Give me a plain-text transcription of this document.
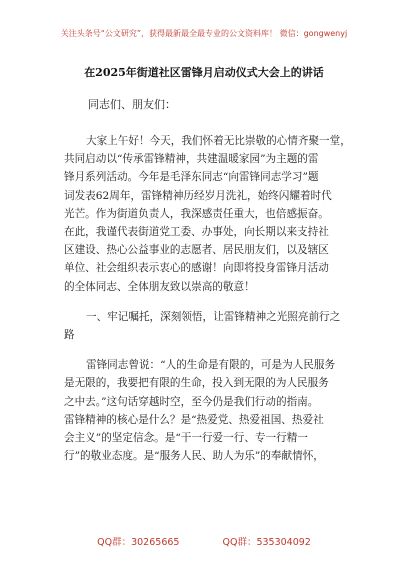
关注头条号“公文研究”，获得最新最全最专业的公文资料库！ 微信：gongwenyj
在2025年街道社区雷锋月启动仪式大会上的讲话
同志们、朋友们：
大家上午好！今天，我们怀着无比崇敬的心情齐聚一堂，
共同启动以“传承雷锋精神，共建温暖家园”为主题的雷
锋月系列活动。今年是毛泽东同志“向雷锋同志学习”题
词发表62周年，雷锋精神历经岁月洗礼，始终闪耀着时代
光芒。作为街道负责人，我深感责任重大，也倍感振奋。
在此，我谨代表街道党工委、办事处，向长期以来支持社
区建设、热心公益事业的志愿者、居民朋友们，以及辖区
单位、社会组织表示衷心的感谢！向即将投身雷锋月活动
的全体同志、全体朋友致以崇高的敬意！
一、牢记嘱托，深刻领悟，让雷锋精神之光照亮前行之
路
雷锋同志曾说：“人的生命是有限的，可是为人民服务
是无限的，我要把有限的生命，投入到无限的为人民服务
之中去。”这句话穿越时空，至今仍是我们行动的指南。
雷锋精神的核心是什么？是“热爱党、热爱祖国、热爱社
会主义”的坚定信念。是“干一行爱一行、专一行精一
行”的敬业态度。是“服务人民、助人为乐”的奉献情怀，
QQ群：30265665	QQ群：535304092
